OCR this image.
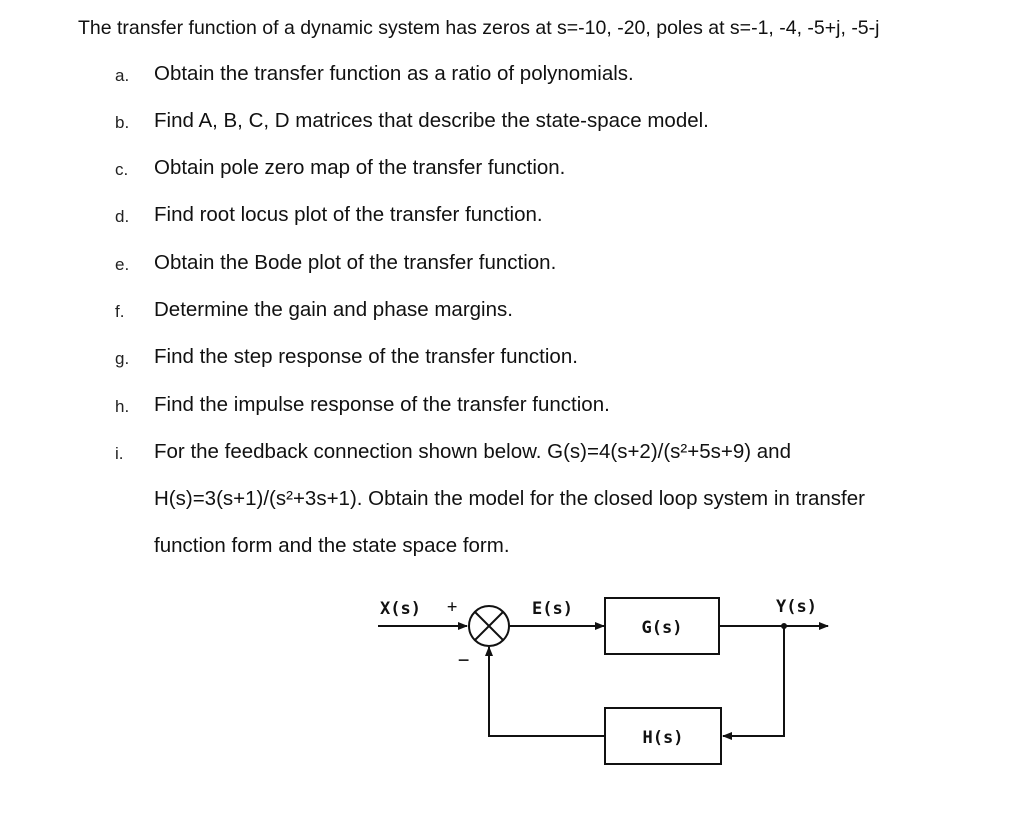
The transfer function of a dynamic system has zeros at s=-10, -20, poles at s=-1, -4, -5+j, -5-j
a. Obtain the transfer function as a ratio of polynomials.
b. Find A, B, C, D matrices that describe the state-space model.
c. Obtain pole zero map of the transfer function.
d. Find root locus plot of the transfer function.
e. Obtain the Bode plot of the transfer function.
f. Determine the gain and phase margins.
g. Find the step response of the transfer function.
h. Find the impulse response of the transfer function.
i. For the feedback connection shown below. G(s)=4(s+2)/(s²+5s+9) and
H(s)=3(s+1)/(s²+3s+1). Obtain the model for the closed loop system in transfer
function form and the state space form.
X(s) +	E(s)
G(s)
Y(s)
H(s)
−
